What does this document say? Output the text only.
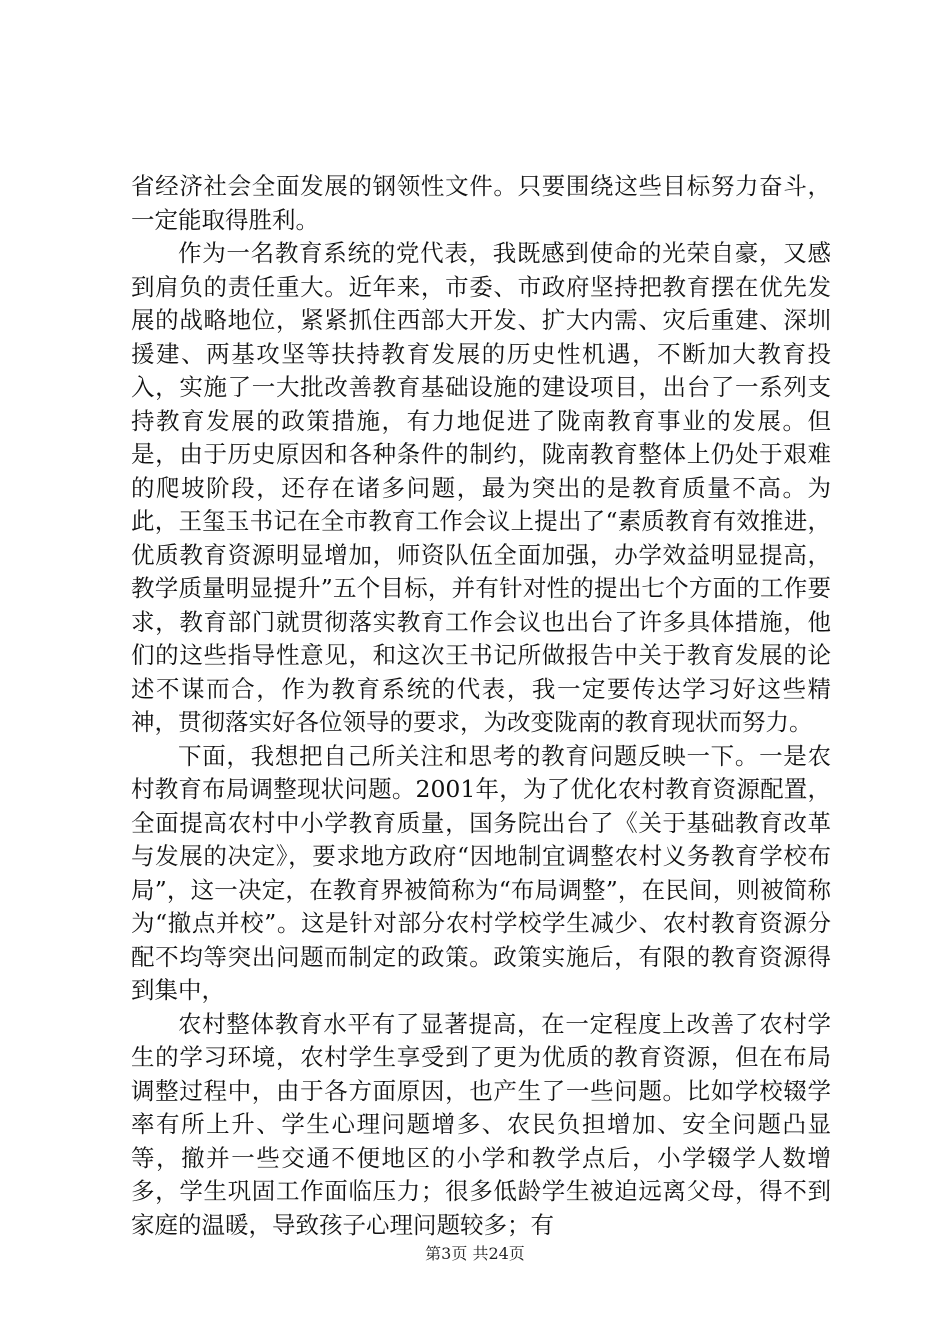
省经济社会全面发展的钢领性文件。只要围绕这些目标努力奋斗，一定能取得胜利。

作为一名教育系统的党代表，我既感到使命的光荣自豪，又感到肩负的责任重大。近年来，市委、市政府坚持把教育摆在优先发展的战略地位，紧紧抓住西部大开发、扩大内需、灾后重建、深圳援建、两基攻坚等扶持教育发展的历史性机遇，不断加大教育投入，实施了一大批改善教育基础设施的建设项目，出台了一系列支持教育发展的政策措施，有力地促进了陇南教育事业的发展。但是，由于历史原因和各种条件的制约，陇南教育整体上仍处于艰难的爬坡阶段，还存在诸多问题，最为突出的是教育质量不高。为此，王玺玉书记在全市教育工作会议上提出了“素质教育有效推进，优质教育资源明显增加，师资队伍全面加强，办学效益明显提高，教学质量明显提升”五个目标，并有针对性的提出七个方面的工作要求，教育部门就贯彻落实教育工作会议也出台了许多具体措施，他们的这些指导性意见，和这次王书记所做报告中关于教育发展的论述不谋而合，作为教育系统的代表，我一定要传达学习好这些精神，贯彻落实好各位领导的要求，为改变陇南的教育现状而努力。

下面，我想把自己所关注和思考的教育问题反映一下。一是农村教育布局调整现状问题。2001年，为了优化农村教育资源配置，全面提高农村中小学教育质量，国务院出台了《关于基础教育改革与发展的决定》，要求地方政府“因地制宜调整农村义务教育学校布局”，这一决定，在教育界被简称为“布局调整”，在民间，则被简称为“撤点并校”。这是针对部分农村学校学生减少、农村教育资源分配不均等突出问题而制定的政策。政策实施后，有限的教育资源得到集中，

农村整体教育水平有了显著提高，在一定程度上改善了农村学生的学习环境，农村学生享受到了更为优质的教育资源，但在布局调整过程中，由于各方面原因，也产生了一些问题。比如学校辍学率有所上升、学生心理问题增多、农民负担增加、安全问题凸显等，撤并一些交通不便地区的小学和教学点后，小学辍学人数增多，学生巩固工作面临压力；很多低龄学生被迫远离父母，得不到家庭的温暖，导致孩子心理问题较多；有

第3页 共24页
